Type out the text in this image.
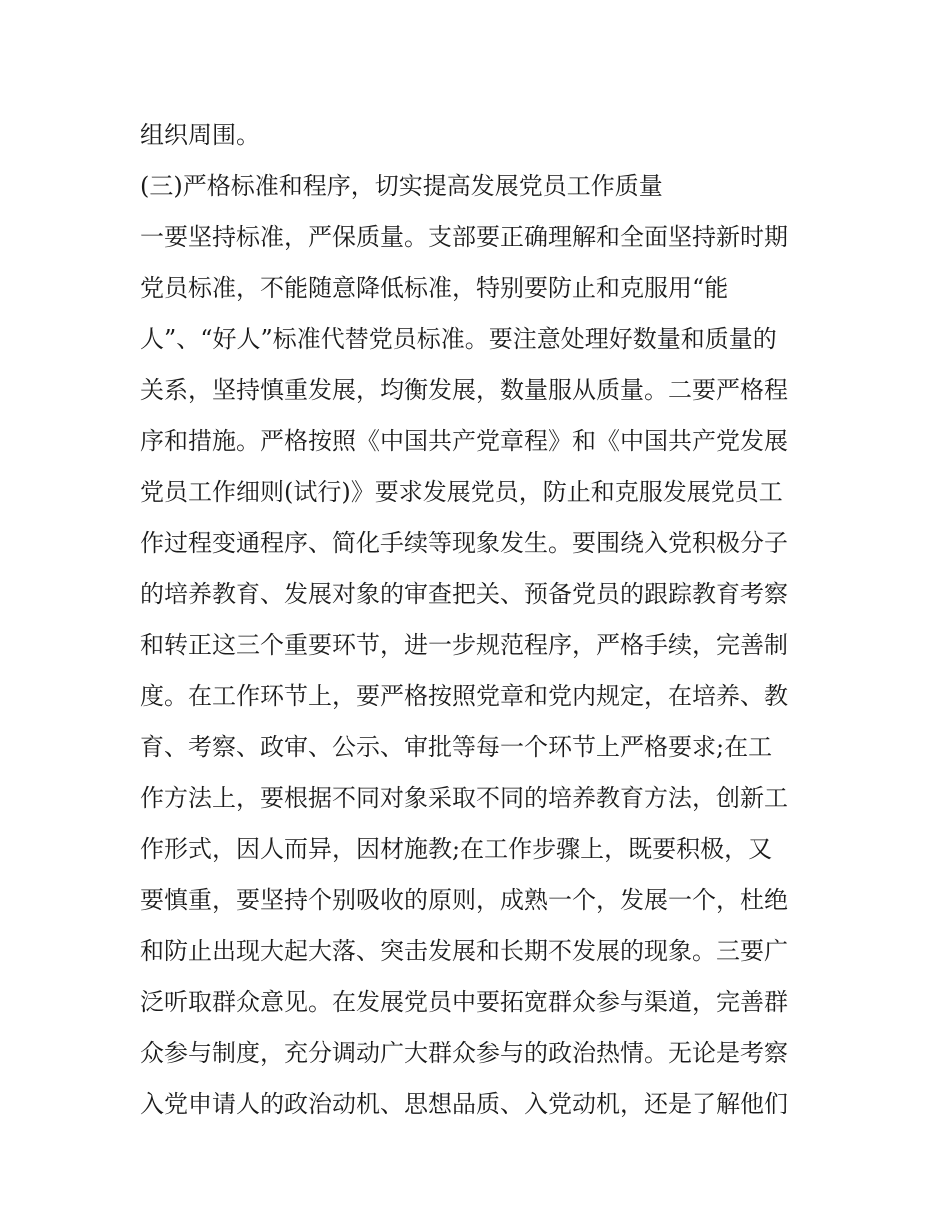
组织周围。
(三)严格标准和程序，切实提高发展党员工作质量
一要坚持标准，严保质量。支部要正确理解和全面坚持新时期
党员标准，不能随意降低标准，特别要防止和克服用“能
人”、“好人”标准代替党员标准。要注意处理好数量和质量的
关系，坚持慎重发展，均衡发展，数量服从质量。二要严格程
序和措施。严格按照《中国共产党章程》和《中国共产党发展
党员工作细则(试行)》要求发展党员，防止和克服发展党员工
作过程变通程序、简化手续等现象发生。要围绕入党积极分子
的培养教育、发展对象的审查把关、预备党员的跟踪教育考察
和转正这三个重要环节，进一步规范程序，严格手续，完善制
度。在工作环节上，要严格按照党章和党内规定，在培养、教
育、考察、政审、公示、审批等每一个环节上严格要求;在工
作方法上，要根据不同对象采取不同的培养教育方法，创新工
作形式，因人而异，因材施教;在工作步骤上，既要积极，又
要慎重，要坚持个别吸收的原则，成熟一个，发展一个，杜绝
和防止出现大起大落、突击发展和长期不发展的现象。三要广
泛听取群众意见。在发展党员中要拓宽群众参与渠道，完善群
众参与制度，充分调动广大群众参与的政治热情。无论是考察
入党申请人的政治动机、思想品质、入党动机，还是了解他们
